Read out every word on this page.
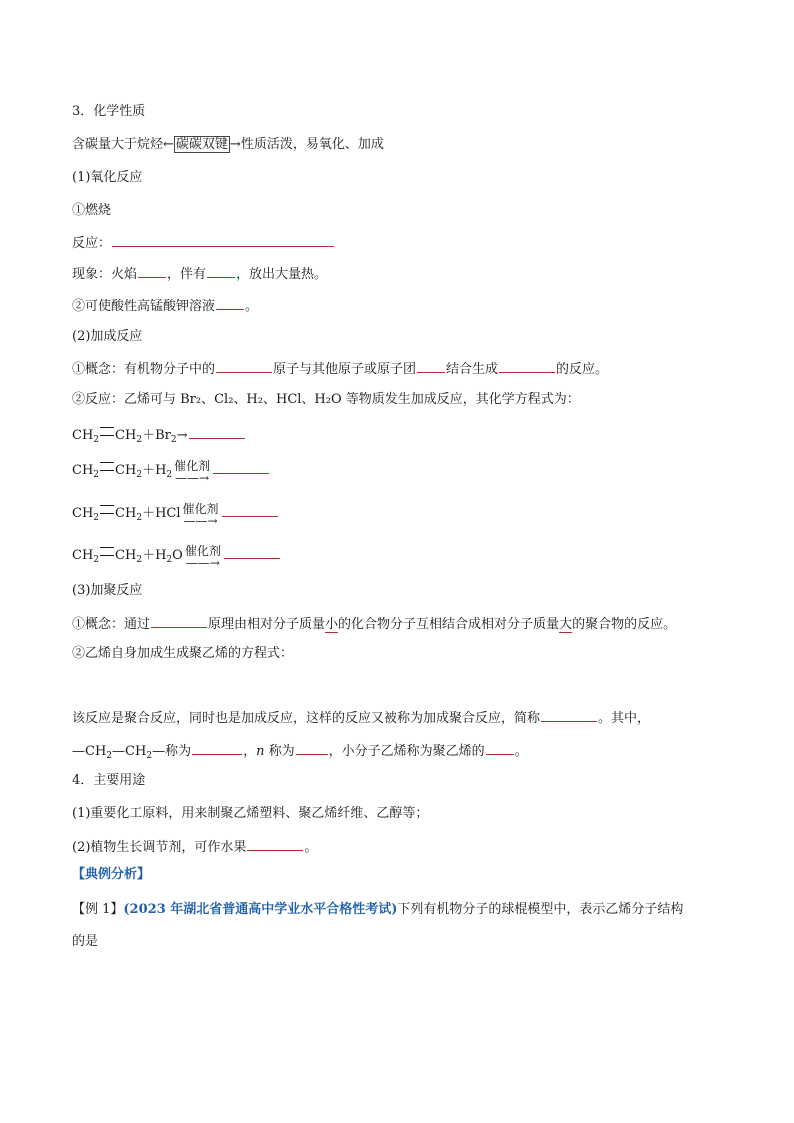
3．化学性质
含碳量大于烷烃← 碳碳双键 →性质活泼，易氧化、加成
(1)氧化反应
①燃烧
反应：
现象：火焰 ，伴有 ，放出大量热。
②可使酸性高锰酸钾溶液 。
(2)加成反应
①概念：有机物分子中的	原子与其他原子或原子团 结合生成	的反应。
②反应：乙烯可与 Br₂、Cl₂、H₂、HCl、H₂O 等物质发生加成反应，其化学方程式为：
$CH_2$ $CH_2+Br_2\to$
$CH_2$ $CH_2+H_2$
催化剂
——→
$CH_2$ $CH_2+HCl$ 催化剂
——→
$CH_2$ $CH_2+H_2O$ 催化剂
——→
(3)加聚反应
①概念：通过	原理由相对分子质量小的化合物分子互相结合成相对分子质量大的聚合物的反应。
②乙烯自身加成生成聚乙烯的方程式：
该反应是聚合反应，同时也是加成反应，这样的反应又被称为加成聚合反应，简称	。其中，
$—CH_2—CH_2—$称为	，n 称为	，小分子乙烯称为聚乙烯的 。
4．主要用途
(1)重要化工原料，用来制聚乙烯塑料、聚乙烯纤维、乙醇等；
(2)植物生长调节剂，可作水果	。
【典例分析】
【例 1】(2023 年湖北省普通高中学业水平合格性考试)下列有机物分子的球棍模型中，表示乙烯分子结构
的是
